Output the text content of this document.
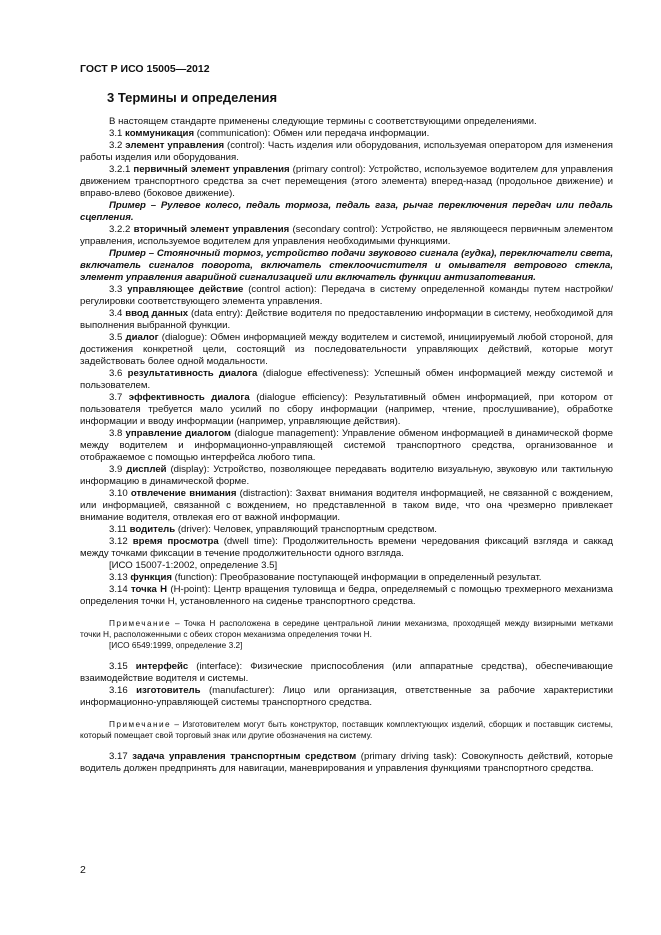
ГОСТ Р ИСО 15005—2012
3 Термины и определения

В настоящем стандарте применены следующие термины с соответствующими определениями.

3.1 коммуникация (communication): Обмен или передача информации.

3.2 элемент управления (control): Часть изделия или оборудования, используемая оператором для изменения работы изделия или оборудования.

3.2.1 первичный элемент управления (primary control): Устройство, используемое водителем для управления движением транспортного средства за счет перемещения (этого элемента) вперед-назад (продольное движение) и вправо-влево (боковое движение).

Пример – Рулевое колесо, педаль тормоза, педаль газа, рычаг переключения передач или педаль сцепления.

3.2.2 вторичный элемент управления (secondary control): Устройство, не являющееся первичным элементом управления, используемое водителем для управления необходимыми функциями.

Пример – Стояночный тормоз, устройство подачи звукового сигнала (гудка), переключатели света, включатель сигналов поворота, включатель стеклоочистителя и омывателя ветрового стекла, элемент управления аварийной сигнализацией или включатель функции антизапотевания.

3.3 управляющее действие (control action): Передача в систему определенной команды путем настройки/регулировки соответствующего элемента управления.

3.4 ввод данных (data entry): Действие водителя по предоставлению информации в систему, необходимой для выполнения выбранной функции.

3.5 диалог (dialogue): Обмен информацией между водителем и системой, инициируемый любой стороной, для достижения конкретной цели, состоящий из последовательности управляющих действий, которые могут задействовать более одной модальности.

3.6 результативность диалога (dialogue effectiveness): Успешный обмен информацией между системой и пользователем.

3.7 эффективность диалога (dialogue efficiency): Результативный обмен информацией, при котором от пользователя требуется мало усилий по сбору информации (например, чтение, прослушивание), обработке информации и вводу информации (например, управляющие действия).

3.8 управление диалогом (dialogue management): Управление обменом информацией в динамической форме между водителем и информационно-управляющей системой транспортного средства, организованное и отображаемое с помощью интерфейса любого типа.

3.9 дисплей (display): Устройство, позволяющее передавать водителю визуальную, звуковую или тактильную информацию в динамической форме.

3.10 отвлечение внимания (distraction): Захват внимания водителя информацией, не связанной с вождением, или информацией, связанной с вождением, но представленной в таком виде, что она чрезмерно привлекает внимание водителя, отвлекая его от важной информации.

3.11 водитель (driver): Человек, управляющий транспортным средством.

3.12 время просмотра (dwell time): Продолжительность времени чередования фиксаций взгляда и саккад между точками фиксации в течение продолжительности одного взгляда.

[ИСО 15007-1:2002, определение 3.5]

3.13 функция (function): Преобразование поступающей информации в определенный результат.

3.14 точка Н (H-point): Центр вращения туловища и бедра, определяемый с помощью трехмерного механизма определения точки Н, установленного на сиденье транспортного средства.

Примечание – Точка Н расположена в середине центральной линии механизма, проходящей между визирными метками точки Н, расположенными с обеих сторон механизма определения точки Н.

[ИСО 6549:1999, определение 3.2]

3.15 интерфейс (interface): Физические приспособления (или аппаратные средства), обеспечивающие взаимодействие водителя и системы.

3.16 изготовитель (manufacturer): Лицо или организация, ответственные за рабочие характеристики информационно-управляющей системы транспортного средства.

Примечание – Изготовителем могут быть конструктор, поставщик комплектующих изделий, сборщик и поставщик системы, который помещает свой торговый знак или другие обозначения на систему.

3.17 задача управления транспортным средством (primary driving task): Совокупность действий, которые водитель должен предпринять для навигации, маневрирования и управления функциями транспортного средства.

2
